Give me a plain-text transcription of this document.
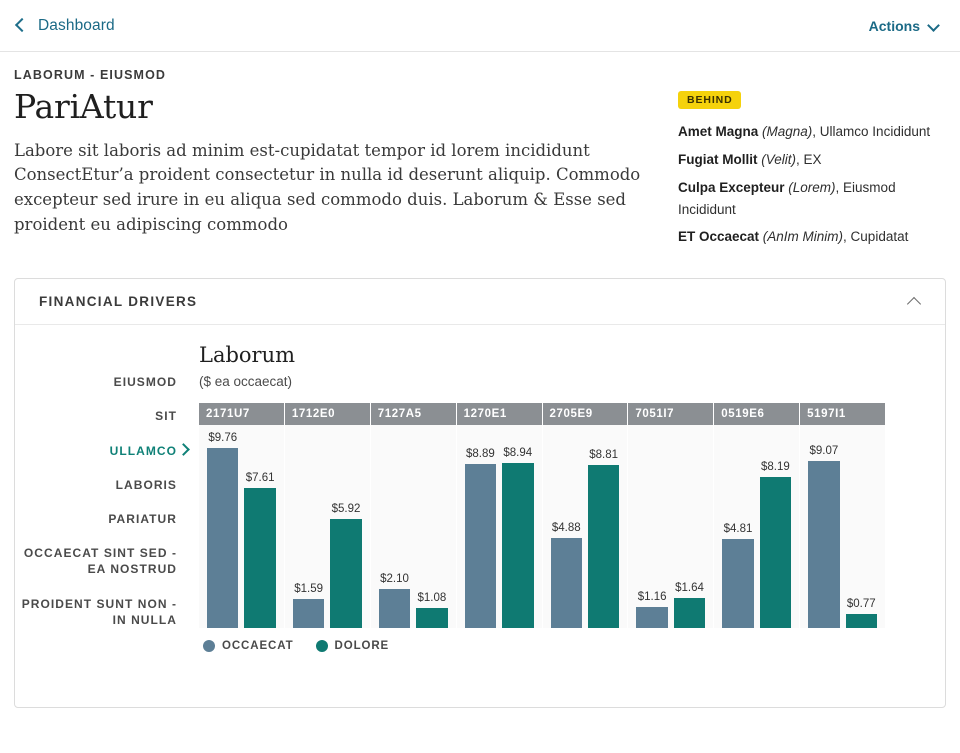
Dashboard	Actions
LABORUM - EIUSMOD
PariAtur

Labore sit laboris ad minim est-cupidatat tempor id lorem incididunt ConsectEtur’a proident consectetur in nulla id deserunt aliquip. Commodo excepteur sed irure in eu aliqua sed commodo duis. Laborum & Esse sed proident eu adipiscing commodo

BEHIND
Amet Magna (Magna), Ullamco Incididunt
Fugiat Mollit (Velit), EX
Culpa Excepteur (Lorem), Eiusmod Incididunt
ET Occaecat (AnIm Minim), Cupidatat
FINANCIAL DRIVERS
EIUSMOD
SIT
ULLAMCO
LABORIS
PARIATUR
OCCAECAT SINT SED - EA NOSTRUD
PROIDENT SUNT NON - IN NULLA
Laborum
($ ea occaecat)
2171U7
$9.76
$7.61
1712E0
$1.59
$5.92
7127A5
$2.10
$1.08
1270E1
$8.89 $8.94
2705E9
$4.88
$8.81
7051I7
$1.16
$1.64
0519E6
$4.81
$8.19
5197I1
$9.07
$0.77
OCCAECAT	DOLORE
